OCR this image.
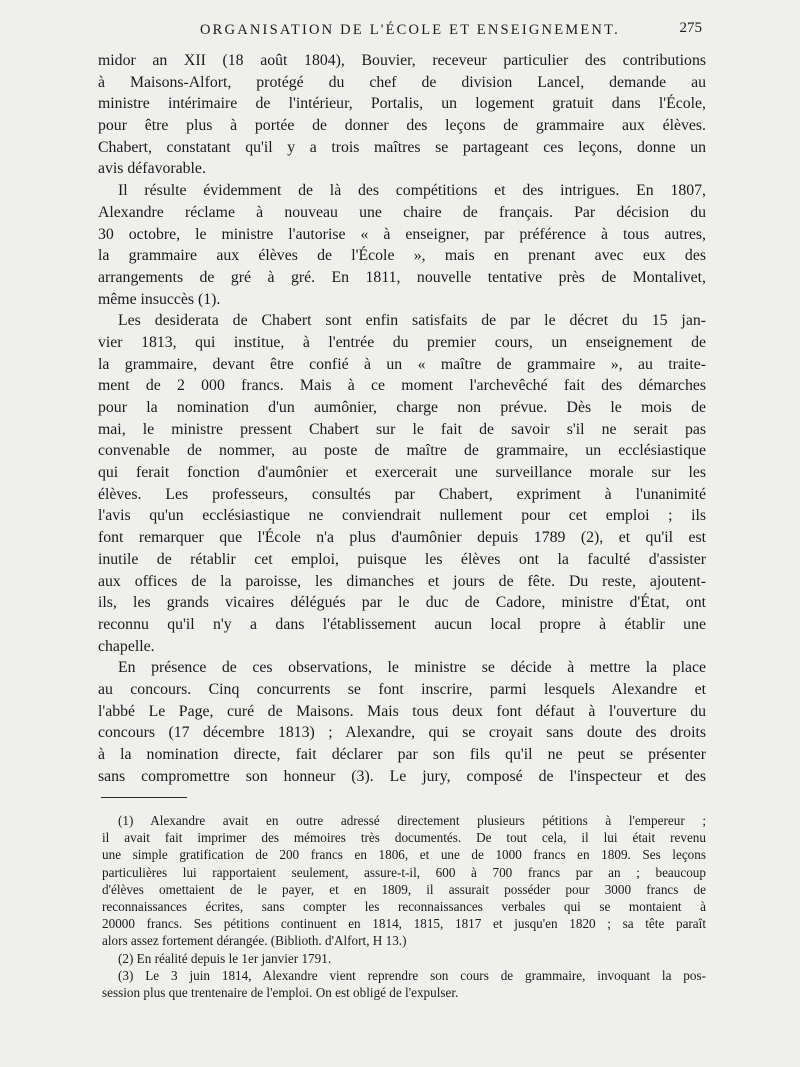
ORGANISATION DE L'ÉCOLE ET ENSEIGNEMENT.	275
midor an XII (18 août 1804), Bouvier, receveur particulier des contributions
à Maisons-Alfort, protégé du chef de division Lancel, demande au
ministre intérimaire de l'intérieur, Portalis, un logement gratuit dans l'École,
pour être plus à portée de donner des leçons de grammaire aux élèves.
Chabert, constatant qu'il y a trois maîtres se partageant ces leçons, donne un
avis défavorable.
Il résulte évidemment de là des compétitions et des intrigues. En 1807,
Alexandre réclame à nouveau une chaire de français. Par décision du
30 octobre, le ministre l'autorise « à enseigner, par préférence à tous autres,
la grammaire aux élèves de l'École », mais en prenant avec eux des
arrangements de gré à gré. En 1811, nouvelle tentative près de Montalivet,
même insuccès (1).
Les desiderata de Chabert sont enfin satisfaits de par le décret du 15 jan-
vier 1813, qui institue, à l'entrée du premier cours, un enseignement de
la grammaire, devant être confié à un « maître de grammaire », au traite-
ment de 2 000 francs. Mais à ce moment l'archevêché fait des démarches
pour la nomination d'un aumônier, charge non prévue. Dès le mois de
mai, le ministre pressent Chabert sur le fait de savoir s'il ne serait pas
convenable de nommer, au poste de maître de grammaire, un ecclésiastique
qui ferait fonction d'aumônier et exercerait une surveillance morale sur les
élèves. Les professeurs, consultés par Chabert, expriment à l'unanimité
l'avis qu'un ecclésiastique ne conviendrait nullement pour cet emploi ; ils
font remarquer que l'École n'a plus d'aumônier depuis 1789 (2), et qu'il est
inutile de rétablir cet emploi, puisque les élèves ont la faculté d'assister
aux offices de la paroisse, les dimanches et jours de fête. Du reste, ajoutent-
ils, les grands vicaires délégués par le duc de Cadore, ministre d'État, ont
reconnu qu'il n'y a dans l'établissement aucun local propre à établir une
chapelle.
En présence de ces observations, le ministre se décide à mettre la place
au concours. Cinq concurrents se font inscrire, parmi lesquels Alexandre et
l'abbé Le Page, curé de Maisons. Mais tous deux font défaut à l'ouverture du
concours (17 décembre 1813) ; Alexandre, qui se croyait sans doute des droits
à la nomination directe, fait déclarer par son fils qu'il ne peut se présenter
sans compromettre son honneur (3). Le jury, composé de l'inspecteur et des
(1) Alexandre avait en outre adressé directement plusieurs pétitions à l'empereur ;
il avait fait imprimer des mémoires très documentés. De tout cela, il lui était revenu
une simple gratification de 200 francs en 1806, et une de 1000 francs en 1809. Ses leçons
particulières lui rapportaient seulement, assure-t-il, 600 à 700 francs par an ; beaucoup
d'élèves omettaient de le payer, et en 1809, il assurait posséder pour 3000 francs de
reconnaissances écrites, sans compter les reconnaissances verbales qui se montaient à
20000 francs. Ses pétitions continuent en 1814, 1815, 1817 et jusqu'en 1820 ; sa tête paraît
alors assez fortement dérangée. (Biblioth. d'Alfort, H 13.)
(2) En réalité depuis le 1er janvier 1791.
(3) Le 3 juin 1814, Alexandre vient reprendre son cours de grammaire, invoquant la pos-
session plus que trentenaire de l'emploi. On est obligé de l'expulser.
